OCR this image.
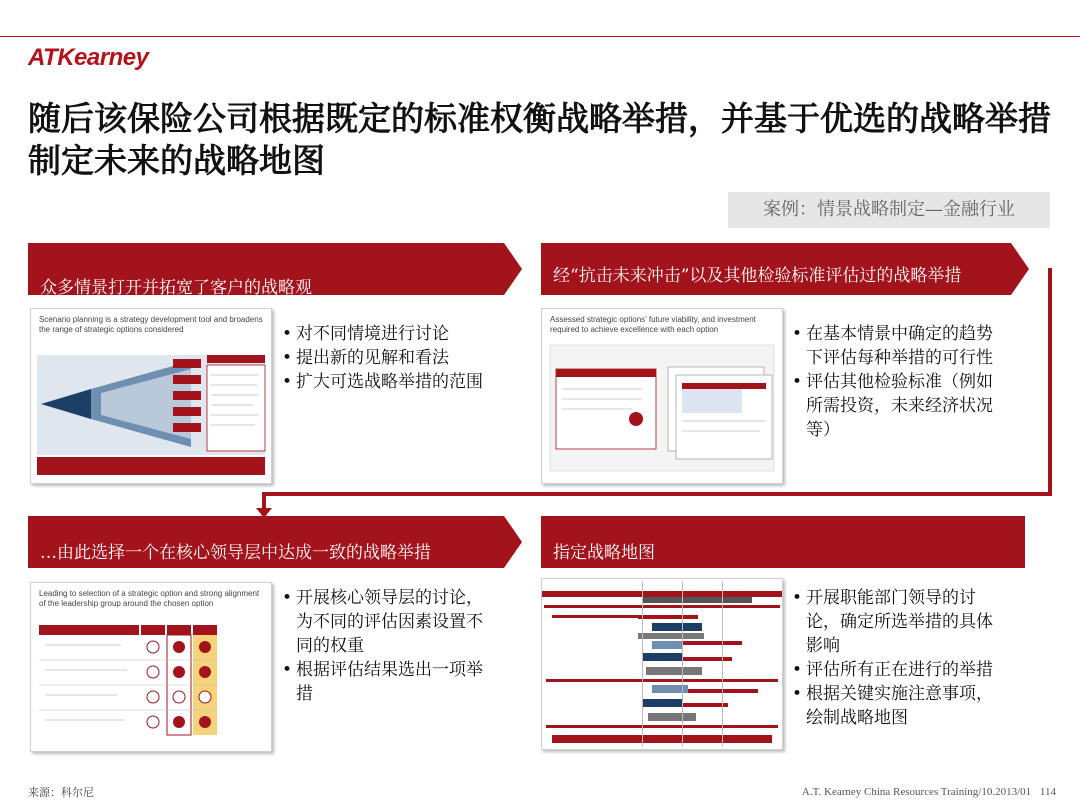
ATKearney
随后该保险公司根据既定的标准权衡战略举措，并基于优选的战略举措制定未来的战略地图
案例：情景战略制定—金融行业
众多情景打开并拓宽了客户的战略观
Scenario planning is a strategy development tool and broadens the range of strategic options considered	• 对不同情境进行讨论
• 提出新的见解和看法
• 扩大可选战略举措的范围
经“抗击未来冲击”以及其他检验标准评估过的战略举措
Assessed strategic options’ future viability, and investment required to achieve excellence with each option	• 在基本情景中确定的趋势下评估每种举措的可行性
• 评估其他检验标准（例如所需投资，未来经济状况等）
…由此选择一个在核心领导层中达成一致的战略举措
Leading to selection of a strategic option and strong alignment of the leadership group around the chosen option	• 开展核心领导层的讨论，为不同的评估因素设置不同的权重
• 根据评估结果选出一项举措
指定战略地图
• 开展职能部门领导的讨论，确定所选举措的具体影响
• 评估所有正在进行的举措
• 根据关键实施注意事项，绘制战略地图
来源：科尔尼	A.T. Kearney China Resources Training/10.2013/01 114
